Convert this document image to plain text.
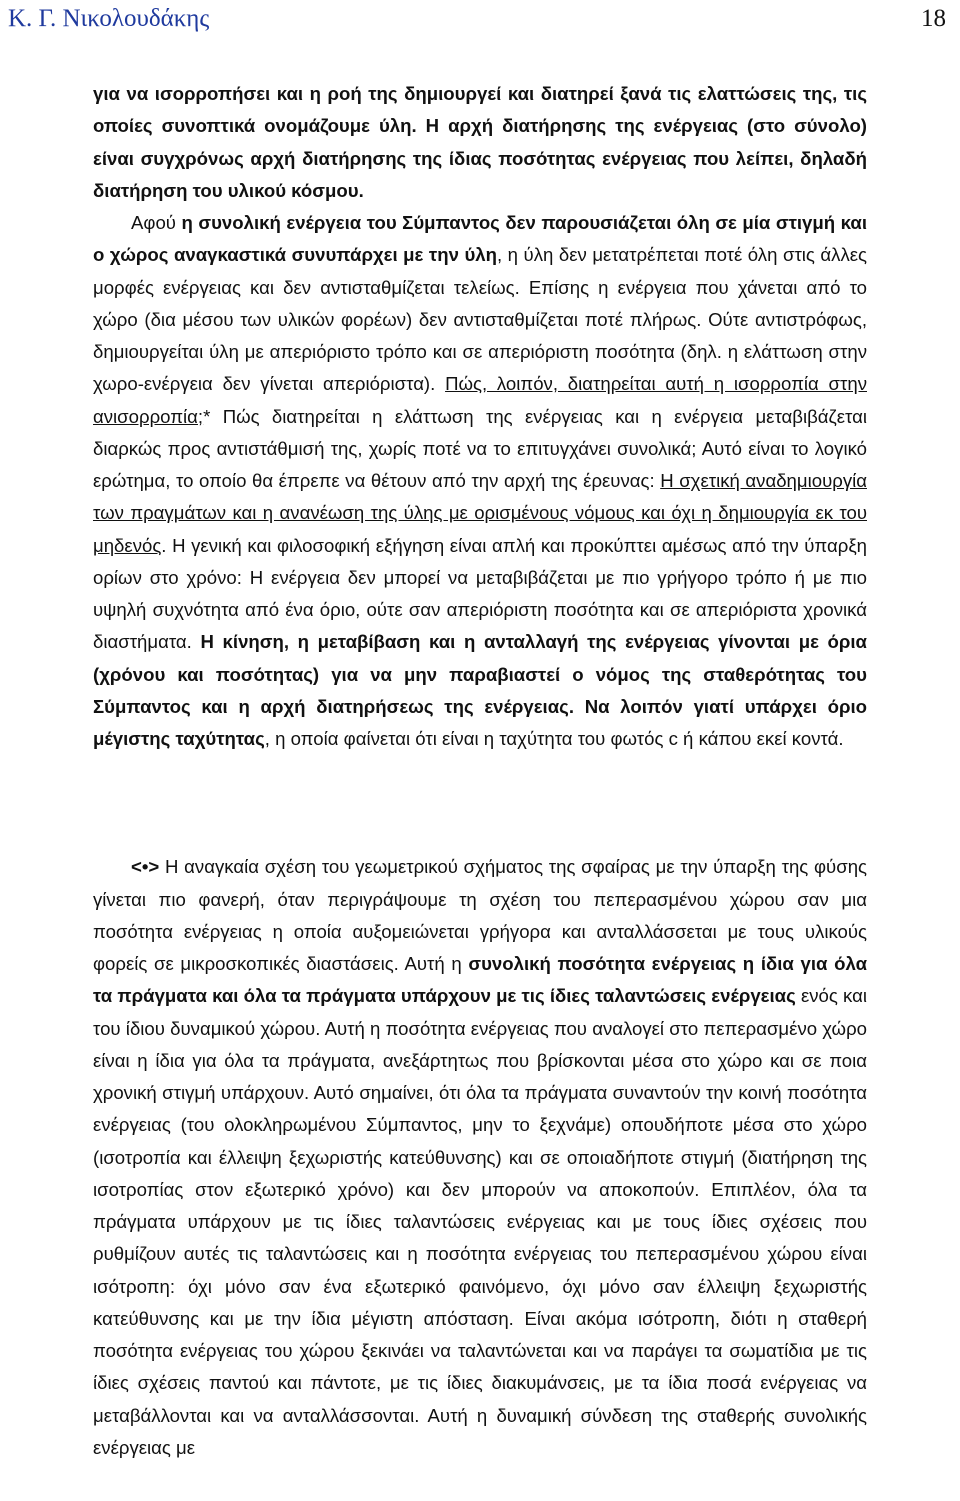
Κ. Γ. Νικολουδάκης	18

για να ισορροπήσει και η ροή της δημιουργεί και διατηρεί ξανά τις ελαττώσεις της, τις οποίες συνοπτικά ονομάζουμε ύλη. Η αρχή διατήρησης της ενέργειας (στο σύνολο) είναι συγχρόνως αρχή διατήρησης της ίδιας ποσότητας ενέργειας που λείπει, δηλαδή διατήρηση του υλικού κόσμου.

Αφού η συνολική ενέργεια του Σύμπαντος δεν παρουσιάζεται όλη σε μία στιγμή και ο χώρος αναγκαστικά συνυπάρχει με την ύλη, η ύλη δεν μετατρέπεται ποτέ όλη στις άλλες μορφές ενέργειας και δεν αντισταθμίζεται τελείως. Επίσης η ενέργεια που χάνεται από το χώρο (δια μέσου των υλικών φορέων) δεν αντισταθμίζεται ποτέ πλήρως. Ούτε αντιστρόφως, δημιουργείται ύλη με απεριόριστο τρόπο και σε απεριόριστη ποσότητα (δηλ. η ελάττωση στην χωρο-ενέργεια δεν γίνεται απεριόριστα). Πώς, λοιπόν, διατηρείται αυτή η ισορροπία στην ανισορροπία;* Πώς διατηρείται η ελάττωση της ενέργειας και η ενέργεια μεταβιβάζεται διαρκώς προς αντιστάθμισή της, χωρίς ποτέ να το επιτυγχάνει συνολικά; Αυτό είναι το λογικό ερώτημα, το οποίο θα έπρεπε να θέτουν από την αρχή της έρευνας: Η σχετική αναδημιουργία των πραγμάτων και η ανανέωση της ύλης με ορισμένους νόμους και όχι η δημιουργία εκ του μηδενός. Η γενική και φιλοσοφική εξήγηση είναι απλή και προκύπτει αμέσως από την ύπαρξη ορίων στο χρόνο: Η ενέργεια δεν μπορεί να μεταβιβάζεται με πιο γρήγορο τρόπο ή με πιο υψηλή συχνότητα από ένα όριο, ούτε σαν απεριόριστη ποσότητα και σε απεριόριστα χρονικά διαστήματα. Η κίνηση, η μεταβίβαση και η ανταλλαγή της ενέργειας γίνονται με όρια (χρόνου και ποσότητας) για να μην παραβιαστεί ο νόμος της σταθερότητας του Σύμπαντος και η αρχή διατηρήσεως της ενέργειας. Να λοιπόν γιατί υπάρχει όριο μέγιστης ταχύτητας, η οποία φαίνεται ότι είναι η ταχύτητα του φωτός c ή κάπου εκεί κοντά.

<•> Η αναγκαία σχέση του γεωμετρικού σχήματος της σφαίρας με την ύπαρξη της φύσης γίνεται πιο φανερή, όταν περιγράψουμε τη σχέση του πεπερασμένου χώρου σαν μια ποσότητα ενέργειας η οποία αυξομειώνεται γρήγορα και ανταλλάσσεται με τους υλικούς φορείς σε μικροσκοπικές διαστάσεις. Αυτή η συνολική ποσότητα ενέργειας η ίδια για όλα τα πράγματα και όλα τα πράγματα υπάρχουν με τις ίδιες ταλαντώσεις ενέργειας ενός και του ίδιου δυναμικού χώρου. Αυτή η ποσότητα ενέργειας που αναλογεί στο πεπερασμένο χώρο είναι η ίδια για όλα τα πράγματα, ανεξάρτητως που βρίσκονται μέσα στο χώρο και σε ποια χρονική στιγμή υπάρχουν. Αυτό σημαίνει, ότι όλα τα πράγματα συναντούν την κοινή ποσότητα ενέργειας (του ολοκληρωμένου Σύμπαντος, μην το ξεχνάμε) οπουδήποτε μέσα στο χώρο (ισοτροπία και έλλειψη ξεχωριστής κατεύθυνσης) και σε οποιαδήποτε στιγμή (διατήρηση της ισοτροπίας στον εξωτερικό χρόνο) και δεν μπορούν να αποκοπούν. Επιπλέον, όλα τα πράγματα υπάρχουν με τις ίδιες ταλαντώσεις ενέργειας και με τους ίδιες σχέσεις που ρυθμίζουν αυτές τις ταλαντώσεις και η ποσότητα ενέργειας του πεπερασμένου χώρου είναι ισότροπη: όχι μόνο σαν ένα εξωτερικό φαινόμενο, όχι μόνο σαν έλλειψη ξεχωριστής κατεύθυνσης και με την ίδια μέγιστη απόσταση. Είναι ακόμα ισότροπη, διότι η σταθερή ποσότητα ενέργειας του χώρου ξεκινάει να ταλαντώνεται και να παράγει τα σωματίδια με τις ίδιες σχέσεις παντού και πάντοτε, με τις ίδιες διακυμάνσεις, με τα ίδια ποσά ενέργειας να μεταβάλλονται και να ανταλλάσσονται. Αυτή η δυναμική σύνδεση της σταθερής συνολικής ενέργειας με
